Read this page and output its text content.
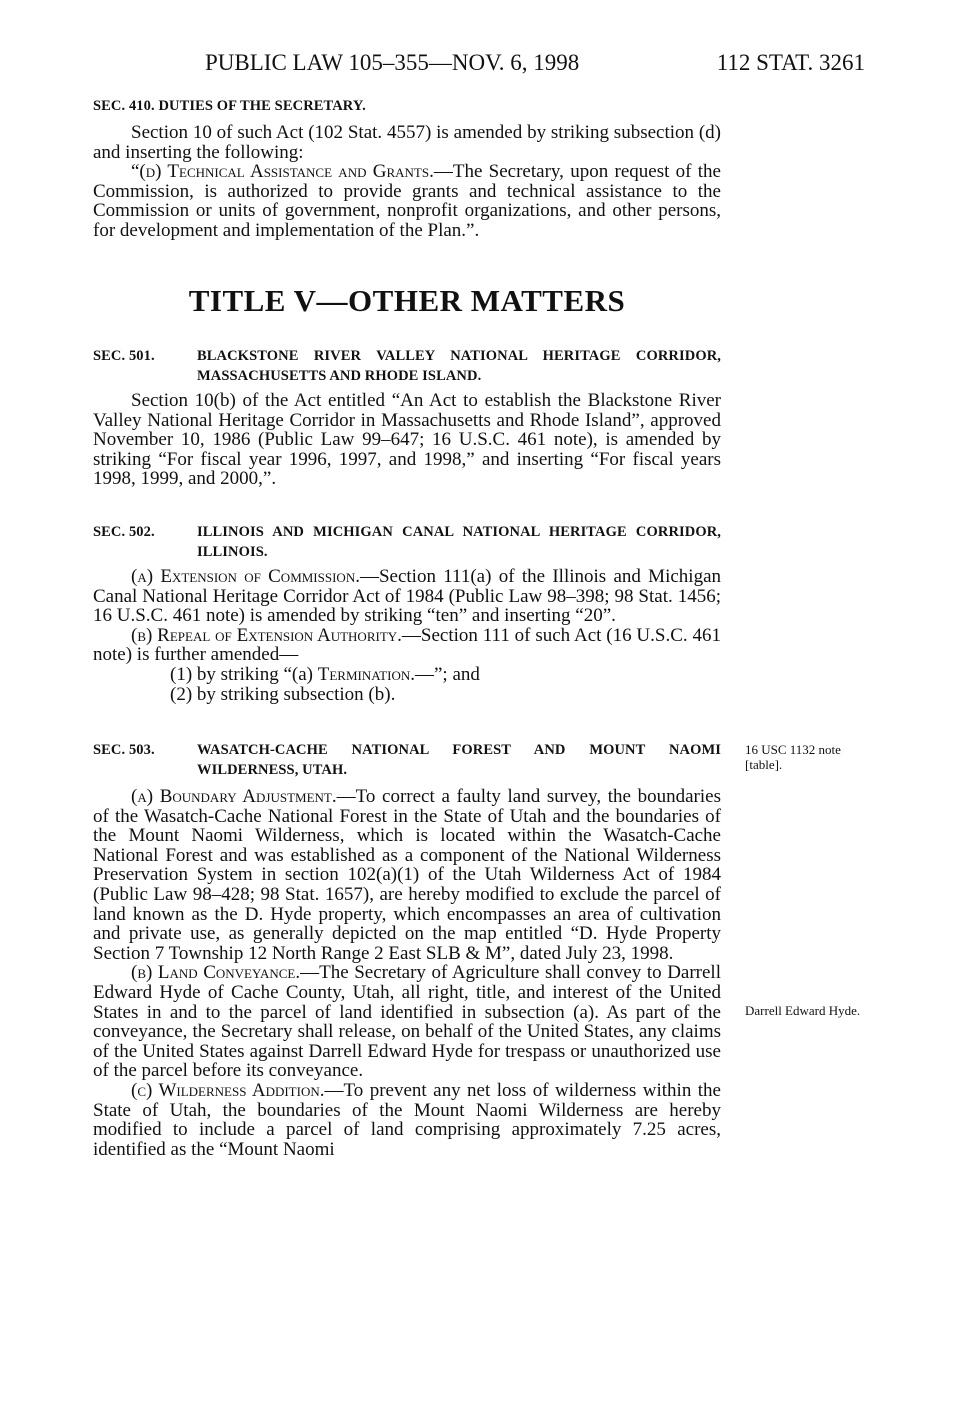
PUBLIC LAW 105–355—NOV. 6, 1998	112 STAT. 3261
SEC. 410. DUTIES OF THE SECRETARY.

Section 10 of such Act (102 Stat. 4557) is amended by striking subsection (d) and inserting the following:

“(d) Technical Assistance and Grants.—The Secretary, upon request of the Commission, is authorized to provide grants and technical assistance to the Commission or units of government, nonprofit organizations, and other persons, for development and implementation of the Plan.”.

TITLE V—OTHER MATTERS
SEC. 501.	BLACKSTONE RIVER VALLEY NATIONAL HERITAGE CORRIDOR, MASSACHUSETTS AND RHODE ISLAND.

Section 10(b) of the Act entitled “An Act to establish the Blackstone River Valley National Heritage Corridor in Massachusetts and Rhode Island”, approved November 10, 1986 (Public Law 99–647; 16 U.S.C. 461 note), is amended by striking “For fiscal year 1996, 1997, and 1998,” and inserting “For fiscal years 1998, 1999, and 2000,”.

SEC. 502.	ILLINOIS AND MICHIGAN CANAL NATIONAL HERITAGE CORRIDOR, ILLINOIS.

(a) Extension of Commission.—Section 111(a) of the Illinois and Michigan Canal National Heritage Corridor Act of 1984 (Public Law 98–398; 98 Stat. 1456; 16 U.S.C. 461 note) is amended by striking “ten” and inserting “20”.

(b) Repeal of Extension Authority.—Section 111 of such Act (16 U.S.C. 461 note) is further amended—

(1) by striking “(a) Termination.—”; and

(2) by striking subsection (b).

SEC. 503.	WASATCH-CACHE NATIONAL FOREST AND MOUNT NAOMI WILDERNESS, UTAH.

(a) Boundary Adjustment.—To correct a faulty land survey, the boundaries of the Wasatch-Cache National Forest in the State of Utah and the boundaries of the Mount Naomi Wilderness, which is located within the Wasatch-Cache National Forest and was established as a component of the National Wilderness Preservation System in section 102(a)(1) of the Utah Wilderness Act of 1984 (Public Law 98–428; 98 Stat. 1657), are hereby modified to exclude the parcel of land known as the D. Hyde property, which encompasses an area of cultivation and private use, as generally depicted on the map entitled “D. Hyde Property Section 7 Township 12 North Range 2 East SLB & M”, dated July 23, 1998.

(b) Land Conveyance.—The Secretary of Agriculture shall convey to Darrell Edward Hyde of Cache County, Utah, all right, title, and interest of the United States in and to the parcel of land identified in subsection (a). As part of the conveyance, the Secretary shall release, on behalf of the United States, any claims of the United States against Darrell Edward Hyde for trespass or unauthorized use of the parcel before its conveyance.

(c) Wilderness Addition.—To prevent any net loss of wilderness within the State of Utah, the boundaries of the Mount Naomi Wilderness are hereby modified to include a parcel of land comprising approximately 7.25 acres, identified as the “Mount Naomi

16 USC 1132 note [table].
Darrell Edward Hyde.
